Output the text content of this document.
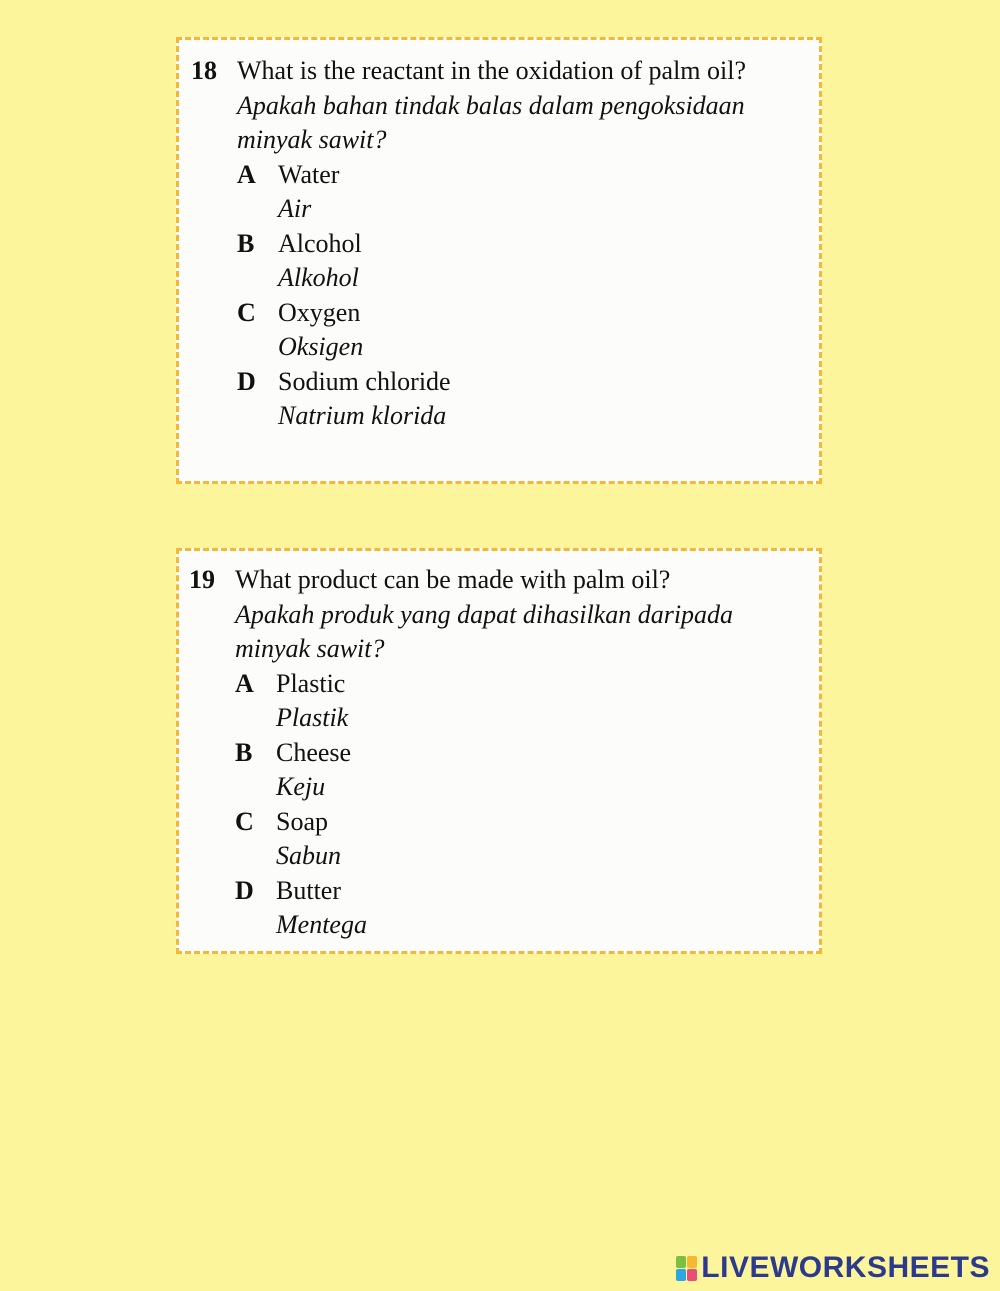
18 What is the reactant in the oxidation of palm oil?
Apakah bahan tindak balas dalam pengoksidaan minyak sawit?
A Water
Air
B Alcohol
Alkohol
C Oxygen
Oksigen
D Sodium chloride
Natrium klorida
19 What product can be made with palm oil?
Apakah produk yang dapat dihasilkan daripada minyak sawit?
A Plastic
Plastik
B Cheese
Keju
C Soap
Sabun
D Butter
Mentega
LIVEWORKSHEETS
